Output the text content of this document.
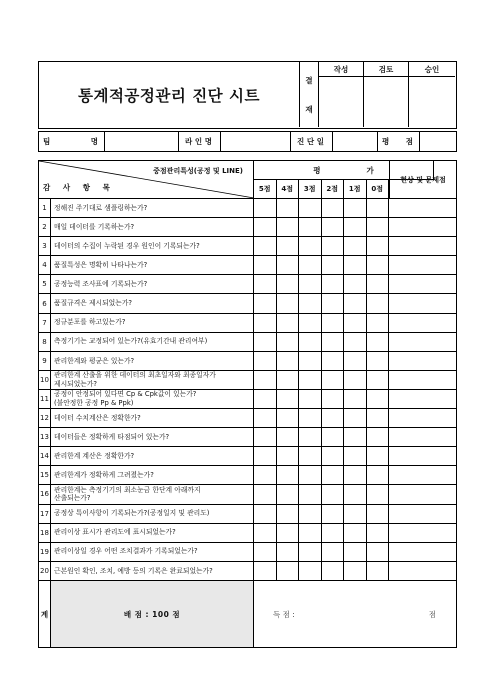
통계적공정관리 진단 시트
결
재
작성	검토	승인
팀	명	라 인 명	진 단 일	평 점
중점관리특성(공정 및 LINE)
감 사 항 목
평	가
5점	4점	3점	2점	1점	0점
현상 및 문제점
1	정해진 주기대로 샘플링하는가?
2	매일 데이터를 기록하는가?
3	데이터의 수집이 누락된 경우 원인이 기록되는가?
4	품질특성은 명확히 나타나는가?
5	공정능력 조사표에 기록되는가?
6	품질규격은 제시되었는가?
7	정규분포를 하고있는가?
8	측정기기는 교정되어 있는가?(유효기간내 관리여부)
9	관리한계와 평균은 있는가?
10
관리한계 산출을 위한 데이터의 최초일자와 최종일자가
제시되었는가?
11
공정이 안정되어 있다면 Cp & Cpk값이 있는가?
(불안정한 공정 Pp & Ppk)
12 데이터 수치계산은 정확한가?
13 데이터들은 정확하게 타점되어 있는가?
14 관리한계 계산은 정확한가?
15 관리한계가 정확하게 그려졌는가?
16
관리한계는 측정기기의 최소눈금 한단계 아래까지
산출되는가?
17 공정상 특이사항이 기록되는가?(공정일지 및 관리도)
18 관리이상 표시가 관리도에 표시되었는가?
19 관리이상일 경우 어떤 조치결과가 기록되었는가?
20 근본원인 확인, 조치, 예방 등의 기록은 완료되었는가?
계	배 점 : 100 점	득 점 :	점
